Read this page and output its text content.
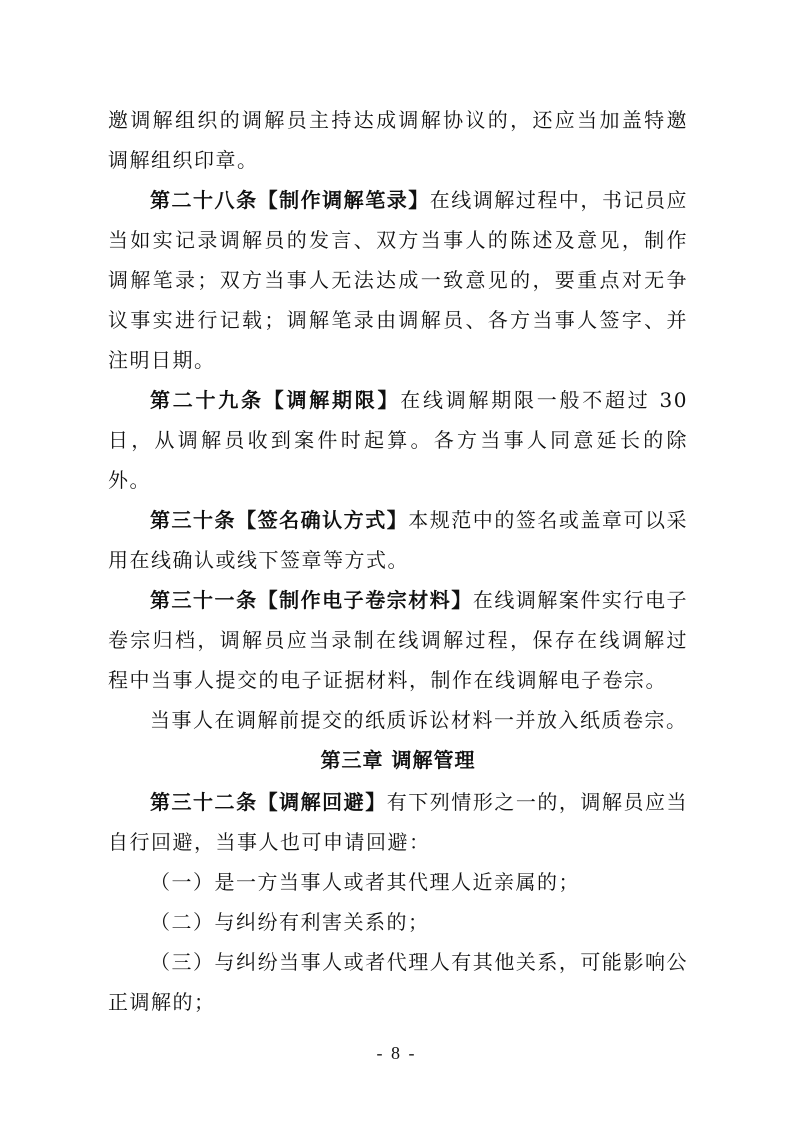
邀调解组织的调解员主持达成调解协议的，还应当加盖特邀调解组织印章。

第二十八条【制作调解笔录】在线调解过程中，书记员应当如实记录调解员的发言、双方当事人的陈述及意见，制作调解笔录；双方当事人无法达成一致意见的，要重点对无争议事实进行记载；调解笔录由调解员、各方当事人签字、并注明日期。

第二十九条【调解期限】在线调解期限一般不超过 30 日，从调解员收到案件时起算。各方当事人同意延长的除外。

第三十条【签名确认方式】本规范中的签名或盖章可以采用在线确认或线下签章等方式。

第三十一条【制作电子卷宗材料】在线调解案件实行电子卷宗归档，调解员应当录制在线调解过程，保存在线调解过程中当事人提交的电子证据材料，制作在线调解电子卷宗。

当事人在调解前提交的纸质诉讼材料一并放入纸质卷宗。

第三章 调解管理

第三十二条【调解回避】有下列情形之一的，调解员应当自行回避，当事人也可申请回避：

（一）是一方当事人或者其代理人近亲属的；

（二）与纠纷有利害关系的；

（三）与纠纷当事人或者代理人有其他关系，可能影响公正调解的；

- 8 -
